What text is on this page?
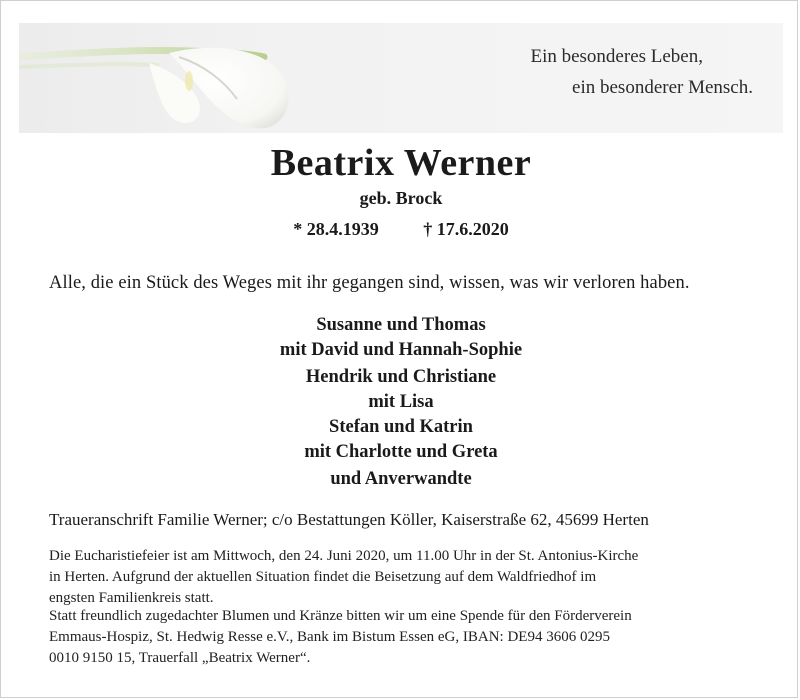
Ein besonderes Leben,
ein besonderer Mensch.
Beatrix Werner
geb. Brock
* 28.4.1939 † 17.6.2020
Alle, die ein Stück des Weges mit ihr gegangen sind, wissen, was wir verloren haben.
Susanne und Thomas
mit David und Hannah-Sophie
Hendrik und Christiane
mit Lisa
Stefan und Katrin
mit Charlotte und Greta
und Anverwandte
Traueranschrift Familie Werner; c/o Bestattungen Köller, Kaiserstraße 62, 45699 Herten

Die Eucharistiefeier ist am Mittwoch, den 24. Juni 2020, um 11.00 Uhr in der St. Antonius-Kirche

in Herten. Aufgrund der aktuellen Situation findet die Beisetzung auf dem Waldfriedhof im

engsten Familienkreis statt.

Statt freundlich zugedachter Blumen und Kränze bitten wir um eine Spende für den Förderverein

Emmaus-Hospiz, St. Hedwig Resse e.V., Bank im Bistum Essen eG, IBAN: DE94 3606 0295

0010 9150 15, Trauerfall „Beatrix Werner“.
